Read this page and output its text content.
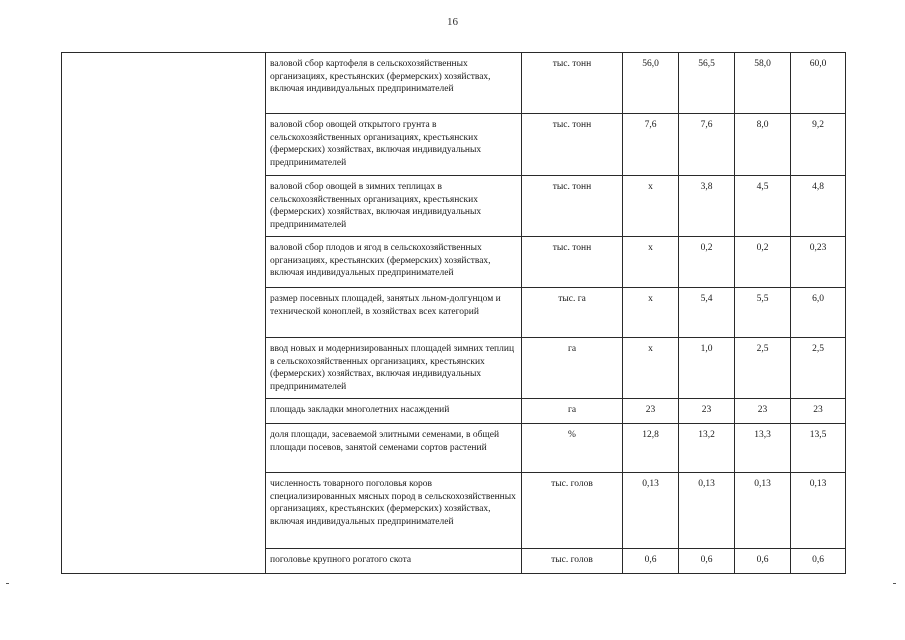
16
	валовой сбор картофеля в сельскохозяйственных организациях, крестьянских (фермерских) хозяйствах, включая индивидуальных предпринимателей	тыс. тонн	56,0	56,5	58,0	60,0
	валовой сбор овощей открытого грунта в сельскохозяйственных организациях, крестьянских (фермерских) хозяйствах, включая индивидуальных предпринимателей	тыс. тонн	7,6	7,6	8,0	9,2
	валовой сбор овощей в зимних теплицах в сельскохозяйственных организациях, крестьянских (фермерских) хозяйствах, включая индивидуальных предпринимателей	тыс. тонн	х	3,8	4,5	4,8
	валовой сбор плодов и ягод в сельскохозяйственных организациях, крестьянских (фермерских) хозяйствах, включая индивидуальных предпринимателей	тыс. тонн	х	0,2	0,2	0,23
	размер посевных площадей, занятых льном-долгунцом и технической коноплей, в хозяйствах всех категорий	тыс. га	х	5,4	5,5	6,0
	ввод новых и модернизированных площадей зимних теплиц в сельскохозяйственных организациях, крестьянских (фермерских) хозяйствах, включая индивидуальных предпринимателей	га	х	1,0	2,5	2,5
	площадь закладки многолетних насаждений	га	23	23	23	23
	доля площади, засеваемой элитными семенами, в общей площади посевов, занятой семенами сортов растений	%	12,8	13,2	13,3	13,5
	численность товарного поголовья коров специализированных мясных пород в сельскохозяйственных организациях, крестьянских (фермерских) хозяйствах, включая индивидуальных предпринимателей	тыс. голов	0,13	0,13	0,13	0,13
	поголовье крупного рогатого скота	тыс. голов	0,6	0,6	0,6	0,6
